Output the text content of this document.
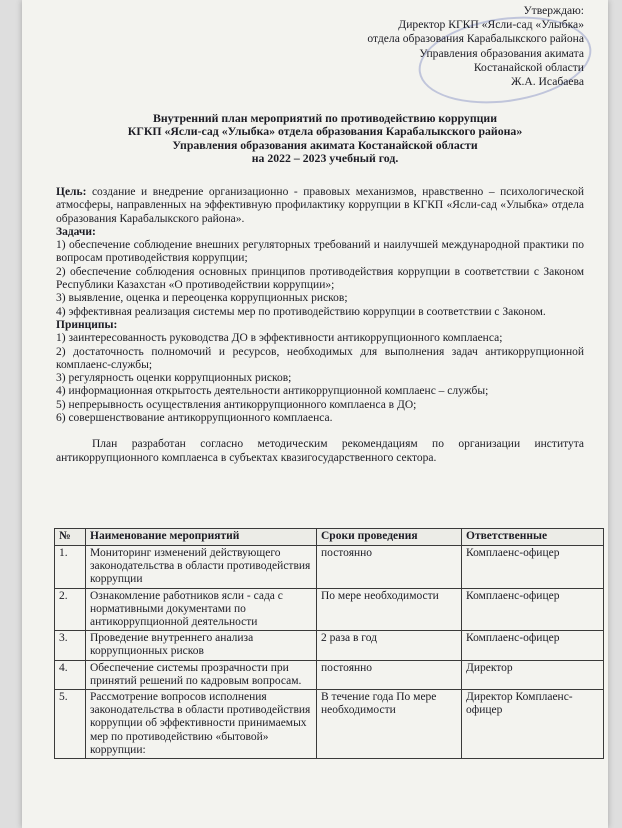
Утверждаю:
Директор КГКП «Ясли-сад «Улыбка»
отдела образования Карабалыкского района
Управления образования акимата
Костанайской области
Ж.А. Исабаева
Внутренний план мероприятий по противодействию коррупции
КГКП «Ясли-сад «Улыбка» отдела образования Карабалыкского района»
Управления образования акимата Костанайской области
на 2022 – 2023 учебный год.

Цель: создание и внедрение организационно - правовых механизмов, нравственно – психологической атмосферы, направленных на эффективную профилактику коррупции в КГКП «Ясли-сад «Улыбка» отдела образования Карабалыкского района».

Задачи:

1) обеспечение соблюдение внешних регуляторных требований и наилучшей международной практики по вопросам противодействия коррупции;

2) обеспечение соблюдения основных принципов противодействия коррупции в соответствии с Законом Республики Казахстан «О противодействии коррупции»;

3) выявление, оценка и переоценка коррупционных рисков;

4) эффективная реализация системы мер по противодействию коррупции в соответствии с Законом.

Принципы:

1) заинтересованность руководства ДО в эффективности антикоррупционного комплаенса;

2) достаточность полномочий и ресурсов, необходимых для выполнения задач антикоррупционной комплаенс-службы;

3) регулярность оценки коррупционных рисков;

4) информационная открытость деятельности антикоррупционной комплаенс – службы;

5) непрерывность осуществления антикоррупционного комплаенса в ДО;

6) совершенствование антикоррупционного комплаенса.

План разработан согласно методическим рекомендациям по организации института антикоррупционного комплаенса в субъектах квазигосударственного сектора.

№	Наименование мероприятий	Сроки проведения	Ответственные
1.	Мониторинг изменений действующего законодательства в области противодействия коррупции	постоянно	Комплаенс-офицер
2.	Ознакомление работников ясли - сада с нормативными документами по антикоррупционной деятельности	По мере необходимости	Комплаенс-офицер
3.	Проведение внутреннего анализа коррупционных рисков	2 раза в год	Комплаенс-офицер
4.	Обеспечение системы прозрачности при принятий решений по кадровым вопросам.	постоянно	Директор
5.	Рассмотрение вопросов исполнения законодательства в области противодействия коррупции об эффективности принимаемых мер по противодействию «бытовой» коррупции:	В течение года По мере необходимости	Директор Комплаенс-офицер
